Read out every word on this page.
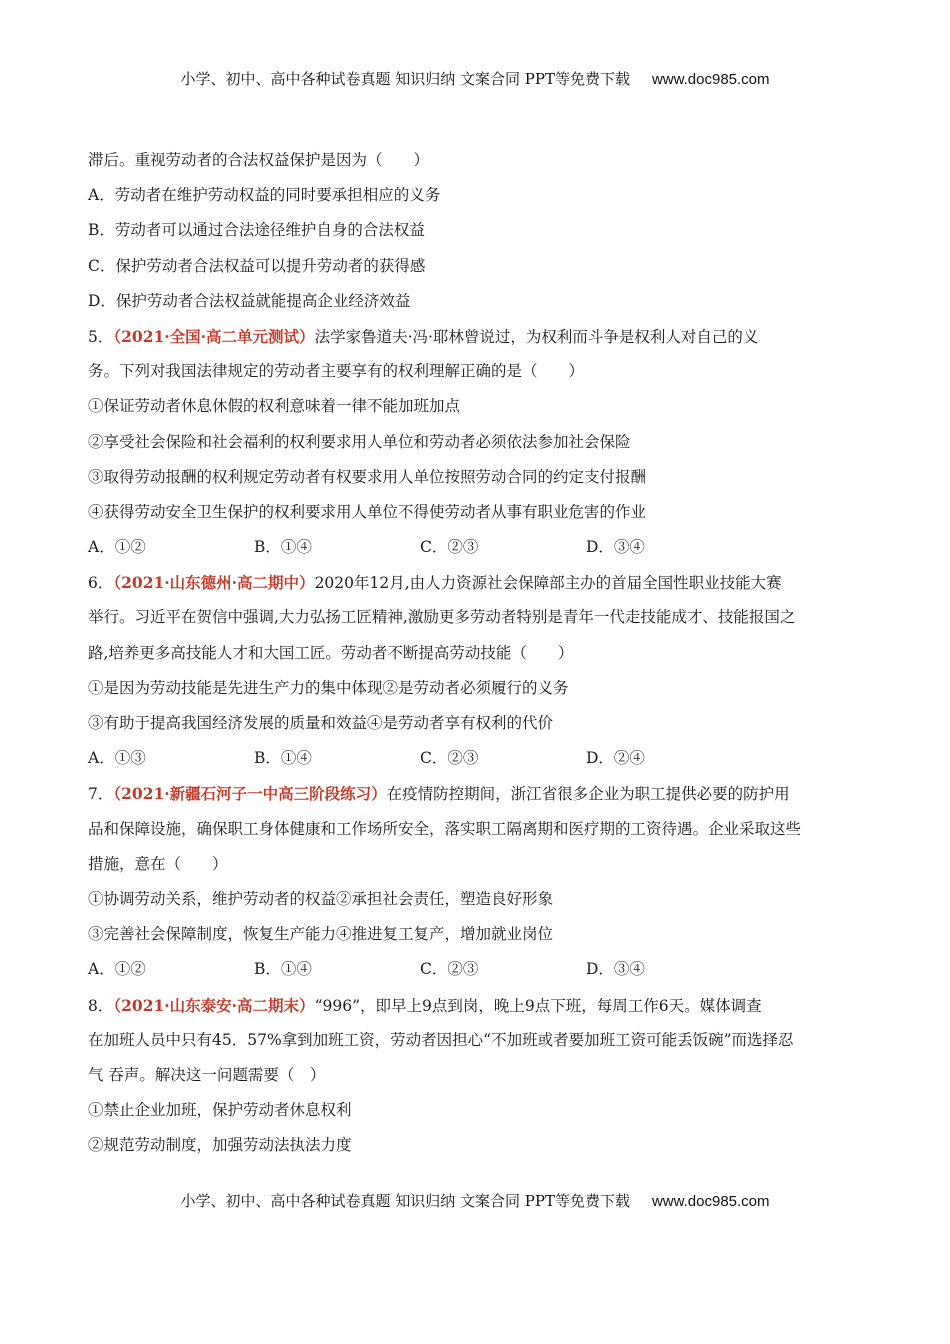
小学、初中、高中各种试卷真题 知识归纳 文案合同 PPT等免费下载 www.doc985.com
滞后。重视劳动者的合法权益保护是因为（　　）
A．劳动者在维护劳动权益的同时要承担相应的义务
B．劳动者可以通过合法途径维护自身的合法权益
C．保护劳动者合法权益可以提升劳动者的获得感
D．保护劳动者合法权益就能提高企业经济效益
5．（2021·全国·高二单元测试）法学家鲁道夫·冯·耶林曾说过，为权利而斗争是权利人对自己的义
务。下列对我国法律规定的劳动者主要享有的权利理解正确的是（　　）
①保证劳动者休息休假的权利意味着一律不能加班加点
②享受社会保险和社会福利的权利要求用人单位和劳动者必须依法参加社会保险
③取得劳动报酬的权利规定劳动者有权要求用人单位按照劳动合同的约定支付报酬
④获得劳动安全卫生保护的权利要求用人单位不得使劳动者从事有职业危害的作业
A．①②	B．①④	C．②③	D．③④
6．（2021·山东德州·高二期中）2020年12月,由人力资源社会保障部主办的首届全国性职业技能大赛
举行。习近平在贺信中强调,大力弘扬工匠精神,激励更多劳动者特别是青年一代走技能成才、技能报国之
路,培养更多高技能人才和大国工匠。劳动者不断提高劳动技能（　　）
①是因为劳动技能是先进生产力的集中体现②是劳动者必须履行的义务
③有助于提高我国经济发展的质量和效益④是劳动者享有权利的代价
A．①③	B．①④	C．②③	D．②④
7．（2021·新疆石河子一中高三阶段练习）在疫情防控期间，浙江省很多企业为职工提供必要的防护用
品和保障设施，确保职工身体健康和工作场所安全，落实职工隔离期和医疗期的工资待遇。企业采取这些
措施，意在（　　）
①协调劳动关系，维护劳动者的权益②承担社会责任，塑造良好形象
③完善社会保障制度，恢复生产能力④推进复工复产，增加就业岗位
A．①②	B．①④	C．②③	D．③④
8．（2021·山东泰安·高二期末）“996”，即早上9点到岗，晚上9点下班，每周工作6天。媒体调查
在加班人员中只有45．57%拿到加班工资，劳动者因担心“不加班或者要加班工资可能丢饭碗”而选择忍
气 吞声。解决这一问题需要（　）
①禁止企业加班，保护劳动者休息权利
②规范劳动制度，加强劳动法执法力度
小学、初中、高中各种试卷真题 知识归纳 文案合同 PPT等免费下载 www.doc985.com
